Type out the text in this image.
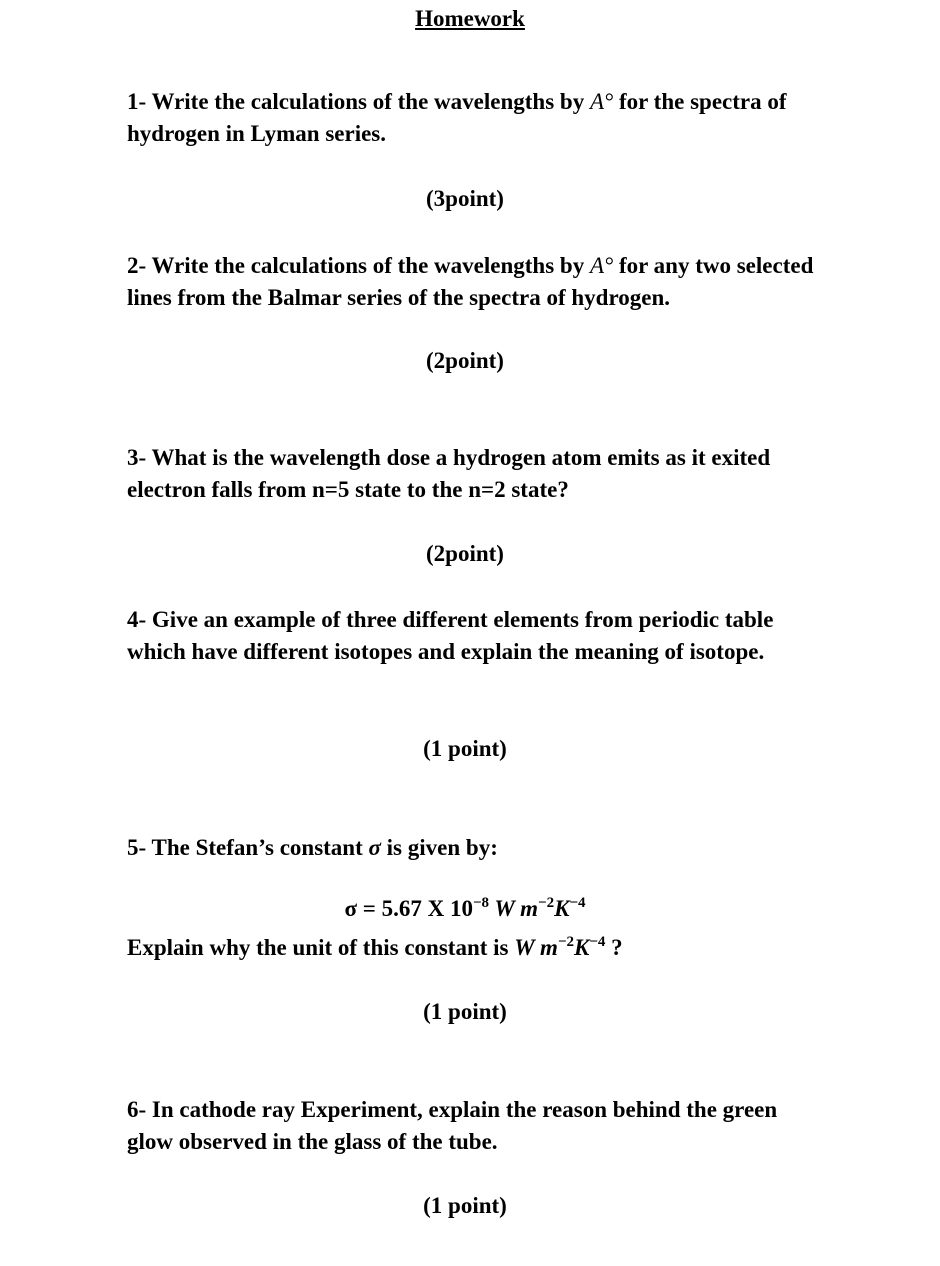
Homework
1- Write the calculations of the wavelengths by A° for the spectra of hydrogen in Lyman series.
(3point)
2- Write the calculations of the wavelengths by A° for any two selected lines from the Balmar series of the spectra of hydrogen.
(2point)
3- What is the wavelength dose a hydrogen atom emits as it exited electron falls from n=5 state to the n=2 state?
(2point)
4- Give an example of three different elements from periodic table which have different isotopes and explain the meaning of isotope.
(1 point)
5- The Stefan’s constant σ is given by:
σ = 5.67 X $10^{-8}$ W $m^{-2}K^{-4}$
Explain why the unit of this constant is W $m^{-2}K^{-4}$ ?
(1 point)
6- In cathode ray Experiment, explain the reason behind the green glow observed in the glass of the tube.
(1 point)
